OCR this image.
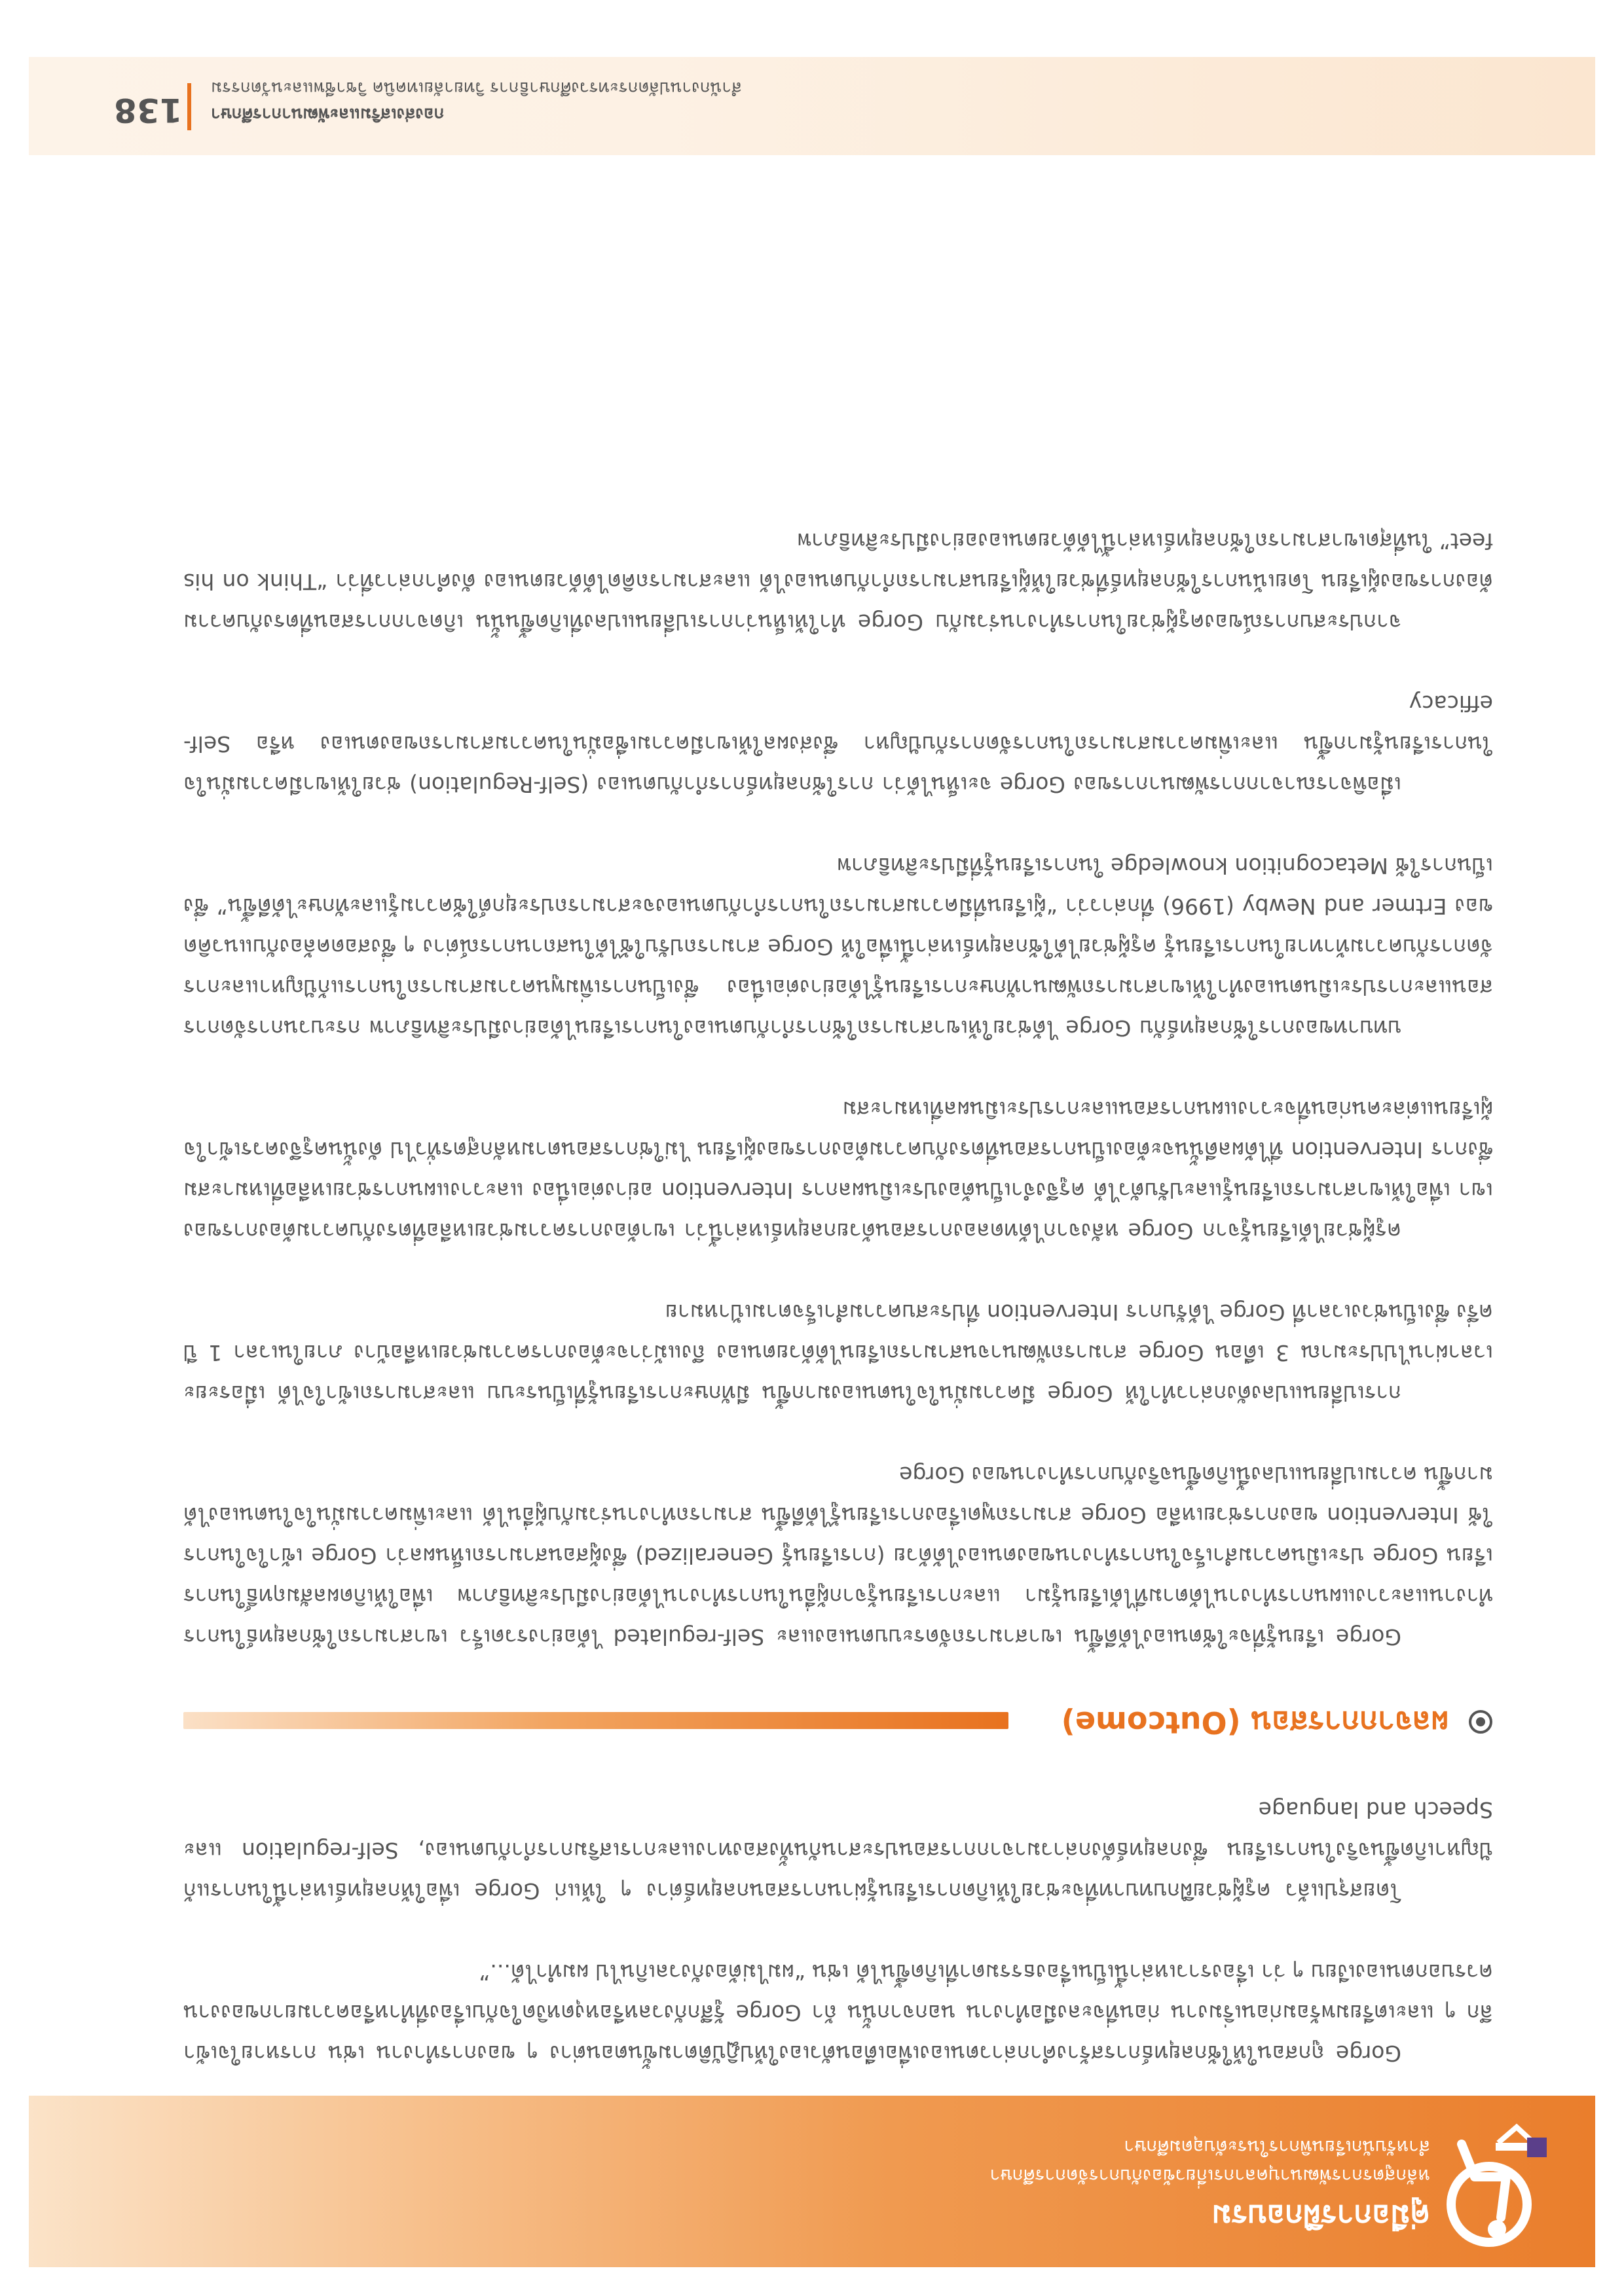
คู่มือการฝึกอบรม
หลักสูตรการพัฒนาบุคลากรเกี่ยวข้องกับการจัดการศึกษา
สำหรับนักเรียนพิการในระดับอุดมศึกษา

Gorge ถูกสอนให้ใช้กลยุทธ์การสร้างคำกล่าวตนเองเพื่อเตือนตัวเองให้ปฏิบัติตามขั้นตอนต่าง ๆ ของการทำงาน เช่น การหายใจเข้าลึก ๆ และเตรียมพร้อมก่อนเริ่มงาน ก่อนที่จะลงมือทำงาน นอกจากนั้น ถ้า Gorge รู้สึกกังวลหรือหงุดหงิดใจกับเรื่องที่ทำหรือความยากของงาน ควรบอกตนเองเงียบ ๆ ว่า เรื่องราวเหล่านี้เป็นเรื่องธรรมดาที่เกิดขึ้นได้ เช่น “ผมไม่ต้องกังวลเกินไป ผมทำได้...”

โดยสรุปแล้ว ครูผู้ช่วยฝึกบทบาทที่จะช่วยให้เกิดการเรียนรู้ผ่านการสอนกลยุทธ์ต่าง ๆ ให้แก่ Gorge เพื่อให้กลยุทธ์เหล่านี้ในการแก้ปัญหาเกิดขึ้นจริงในการเรียน ซึ่งกลยุทธ์ดังกล่าวมาจากการสอนประสานกันทั้งสองทางและการเสริมการกำกับตนเอง, Self-regulation และ Speech and language

ผลจากการสอน (Outcome)

Gorge เรียนรู้ที่จะใช้ตนเองได้ดีขึ้น เขาสามารถจัดระบบตนเองและ Self-regulated ได้อย่างรวดเร็ว เขาสามารถใช้กลยุทธ์ในการทำงานและวางแผนการทำงานได้ตามที่ได้เรียนรู้มา และการเรียนรู้จากผู้อื่นในการทำงานได้อย่างมีประสิทธิภาพ เพื่อให้เกิดผลสัมฤทธิ์ในการเรียน Gorge ประเมินความสำเร็จในการทำงานของตนเองได้ด้วย (การเรียนรู้ Generalized) ซึ่งผู้สอนสามารถเห็นผลว่า Gorge เข้าใจในการใช้ Intervention ของการช่วยเหลือ Gorge สามารถพูดเรื่องการเรียนรู้ได้ดีขึ้น สามารถทำงานร่วมกับผู้อื่นได้ และเพิ่มความมั่นใจในตนเองได้มากขึ้น ความเปลี่ยนแปลงนี้เกิดขึ้นจริงกับการทำงานของ Gorge

การเปลี่ยนแปลงดังกล่าวทำให้ Gorge มีความมั่นใจในตนเองมากขึ้น มีทักษะการเรียนรู้ที่เป็นระบบ และสามารถเข้าใจได้ เมื่อระยะเวลาผ่านไปประมาณ 3 เดือน Gorge สามารถพัฒนาจนสามารถเรียนได้ด้วยตนเอง ถึงแม้ว่าจะต้องการความช่วยเหลือบ้าง ภายในเวลา 1 ปีครึ่ง ซึ่งเป็นช่วงเวลาที่ Gorge ได้รับการ Intervention ที่ประสบความสำเร็จตามเป้าหมาย

ครูผู้ช่วยได้เรียนรู้จาก Gorge หลังจากได้ทดลองการสอนด้วยกลยุทธ์เหล่านี้ว่า เขาต้องการความช่วยเหลือที่ตรงกับความต้องการของเขา เพื่อให้เขาสามารถเรียนรู้และปรับตัวได้ ครูจึงจำเป็นต้องประเมินผลการ Intervention อย่างต่อเนื่อง และวางแผนการช่วยเหลือที่เหมาะสม ซึ่งการ Intervention ที่ได้ผลดีนั้นจะต้องเป็นการสอนที่ตรงกับความต้องการของผู้เรียน ไม่ใช่การสอนตามหลักสูตรทั่วไป ดังนั้นครูจึงควรเข้าใจผู้เรียนแต่ละคนก่อนที่จะวางแผนการสอนและการประเมินผลที่เหมาะสม

บทบาทของการใช้กลยุทธ์กับ Gorge ได้ช่วยให้เขาสามารถใช้การกำกับตนเองในการเรียนได้อย่างมีประสิทธิภาพ กระบวนการจัดการสอนและการประเมินตนเองทำให้เขาสามารถพัฒนาทักษะการเรียนรู้ได้อย่างต่อเนื่อง ซึ่งเป็นการเพิ่มพูนความสามารถในการแก้ปัญหาและการจัดการกับความท้าทายในการเรียนรู้ ครูผู้ช่วยได้ใช้กลยุทธ์เหล่านี้เพื่อให้ Gorge สามารถปรับใช้ได้ในสถานการณ์ต่าง ๆ ซึ่งสอดคล้องกับแนวคิดของ Ertmer and Newby (1996) ที่กล่าวว่า “ผู้เรียนที่มีความสามารถในการกำกับตนเองจะสามารถประยุกต์ใช้ความรู้และทักษะได้ดีขึ้น” ซึ่งเป็นการใช้ Metacognition knowledge ในการเรียนรู้ที่มีประสิทธิภาพ

เมื่อพิจารณาจากการพัฒนาการของ Gorge จะเห็นได้ว่า การใช้กลยุทธ์การกำกับตนเอง (Self-Regulation) ช่วยให้เขามีความมั่นใจในการเรียนรู้มากขึ้น และเพิ่มความสามารถในการจัดการกับปัญหา ซึ่งส่งผลให้เขามีความเชื่อมั่นในความสามารถของตนเอง หรือ Self-efficacy

จากประสบการณ์ของครูผู้ช่วยในการทำงานร่วมกับ Gorge ทำให้เห็นว่าการเปลี่ยนแปลงที่เกิดขึ้นนั้น เกิดจากการสอนที่ตรงกับความต้องการของผู้เรียน โดยเน้นการใช้กลยุทธ์ที่ช่วยให้ผู้เรียนสามารถกำกับตนเองได้ และสามารถคิดได้ด้วยตนเอง ดังคำกล่าวที่ว่า “Think on his feet” ในที่สุดเขาสามารถใช้กลยุทธ์เหล่านี้ได้ด้วยตนเองอย่างมีประสิทธิภาพ

กองส่งเสริมและพัฒนาการศึกษา
สำนักงานปลัดกระทรวงศึกษาธิการ วิทยาลัยเทคนิค วิชาชีพและนวัตกรรม
138
